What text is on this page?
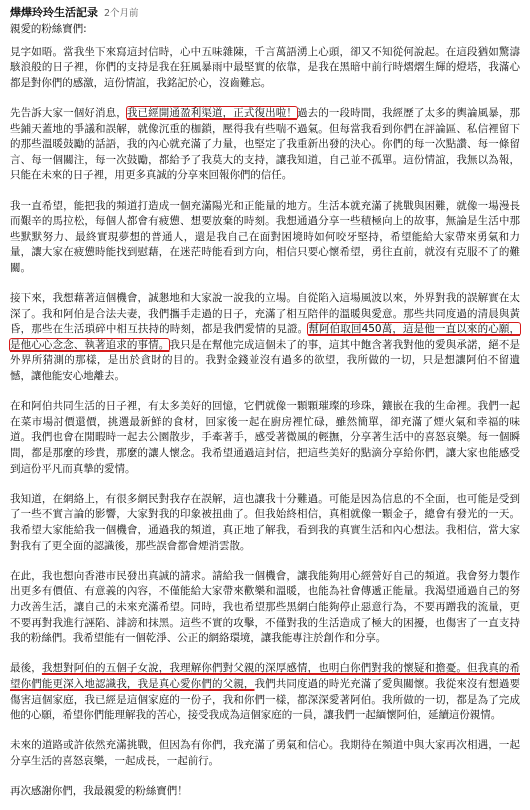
燁燁玲玲生活記录 2个月前

親愛的粉絲寶們:

見字如晤。當我坐下來寫這封信時，心中五味雜陳，千言萬語湧上心頭，卻又不知從何說起。在這段猶如驚濤駭浪般的日子裡，你們的支持是我在狂風暴雨中最堅實的依靠，是我在黑暗中前行時熠熠生輝的燈塔，我滿心都是對你們的感激，這份情誼，我銘記於心，沒齒難忘。

先告訴大家一個好消息，我已經開通盈利渠道，正式復出啦！過去的一段時間，我經歷了太多的輿論風暴，那些鋪天蓋地的爭議和誤解，就像沉重的枷鎖，壓得我有些喘不過氣。但每當我看到你們在評論區、私信裡留下的那些溫暖鼓勵的話語，我的內心就充滿了力量，也堅定了我重新出發的決心。你們的每一次點讚、每一條留言、每一個關注，每一次鼓勵，都給予了我莫大的支持，讓我知道，自己並不孤單。這份情誼，我無以為報，只能在未來的日子裡，用更多真誠的分享來回報你們的信任。

我一直希望，能把我的頻道打造成一個充滿陽光和正能量的地方。生活本就充滿了挑戰與困難，就像一場漫長而艱辛的馬拉松，每個人都會有疲憊、想要放棄的時刻。我想通過分享一些積極向上的故事，無論是生活中那些默默努力、最終實現夢想的普通人，還是我自己在面對困境時如何咬牙堅持，希望能給大家帶來勇氣和力量，讓大家在疲憊時能找到慰藉，在迷茫時能看到方向，相信只要心懷希望，勇往直前，就沒有克服不了的難關。

接下來，我想藉著這個機會，誠懇地和大家說一說我的立場。自從陷入這場風波以來，外界對我的誤解實在太深了。我和阿伯是合法夫妻，我們攜手走過的日子，充滿了相互陪伴的溫暖與愛意。那些共同度過的清晨與黃昏，那些在生活瑣碎中相互扶持的時刻，都是我們愛情的見證。幫阿伯取回450萬，這是他一直以來的心願，是他心心念念、執著追求的事情。我只是在幫他完成這個未了的事，這其中飽含著我對他的愛與承諾，絕不是外界所猜測的那樣，是出於貪財的目的。我對金錢並沒有過多的欲望，我所做的一切，只是想讓阿伯不留遺憾，讓他能安心地離去。

在和阿伯共同生活的日子裡，有太多美好的回憶，它們就像一顆顆璀璨的珍珠，鑲嵌在我的生命裡。我們一起在菜市場討價還價，挑選最新鮮的食材，回家後一起在廚房裡忙碌，雖然簡單，卻充滿了煙火氣和幸福的味道。我們也會在閒暇時一起去公園散步，手牽著手，感受著微風的輕撫，分享著生活中的喜怒哀樂。每一個瞬間，都是那麼的珍貴，那麼的讓人懷念。我希望通過這封信，把這些美好的點滴分享給你們，讓大家也能感受到這份平凡而真摯的愛情。

我知道，在網絡上，有很多網民對我存在誤解，這也讓我十分難過。可能是因為信息的不全面，也可能是受到了一些不實言論的影響，大家對我的印象被扭曲了。但我始終相信，真相就像一顆金子，總會有發光的一天。我希望大家能給我一個機會，通過我的頻道，真正地了解我，看到我的真實生活和內心想法。我相信，當大家對我有了更全面的認識後，那些誤會都會煙消雲散。

在此，我也想向香港市民發出真誠的請求。請給我一個機會，讓我能夠用心經營好自己的頻道。我會努力製作出更多有價值、有意義的內容，不僅能給大家帶來歡樂和溫暖，也能為社會傳遞正能量。我渴望通過自己的努力改善生活，讓自己的未來充滿希望。同時，我也希望那些黑網白能夠停止惡意行為，不要再蹭我的流量，更不要再對我進行誣陷、誹謗和抹黑。這些不實的攻擊，不僅對我的生活造成了極大的困擾，也傷害了一直支持我的粉絲們。我希望能有一個乾淨、公正的網絡環境，讓我能專注於創作和分享。

最後，我想對阿伯的五個子女說，我理解你們對父親的深厚感情，也明白你們對我的懷疑和擔憂。但我真的希望你們能更深入地認識我，我是真心愛你們的父親，我們共同度過的時光充滿了愛與關懷。我從來沒有想過要傷害這個家庭，我已經是這個家庭的一份子，我和你們一樣，都深深愛著阿伯。我所做的一切，都是為了完成他的心願，希望你們能理解我的苦心，接受我成為這個家庭的一員，讓我們一起緬懷阿伯，延續這份親情。

未來的道路或許依然充滿挑戰，但因為有你們，我充滿了勇氣和信心。我期待在頻道中與大家再次相遇，一起分享生活的喜怒哀樂，一起成長，一起前行。

再次感謝你們，我最親愛的粉絲寶們！
